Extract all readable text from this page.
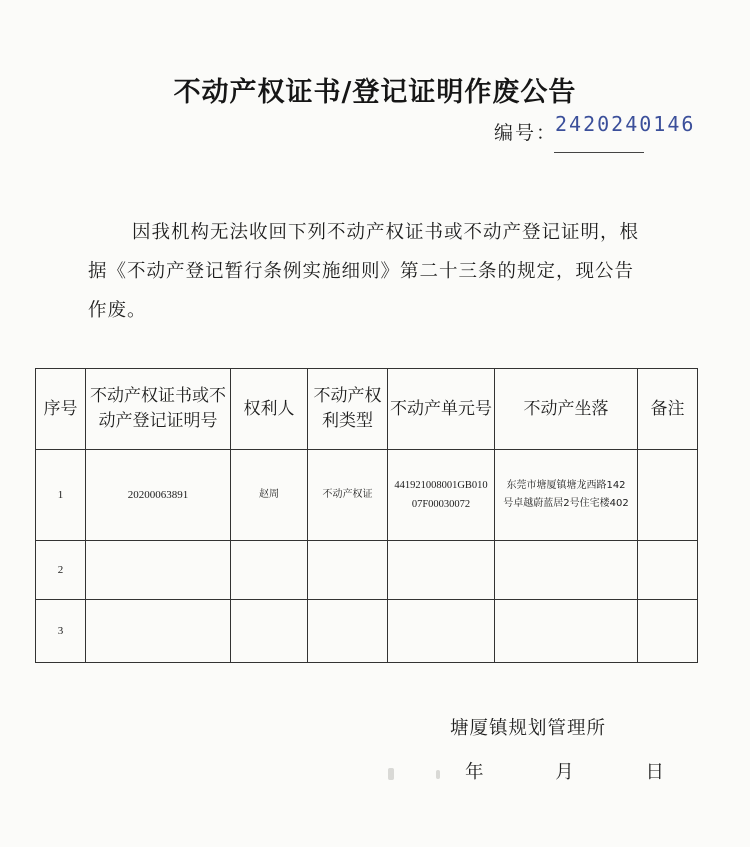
不动产权证书/登记证明作废公告
编号：
2420240146
因我机构无法收回下列不动产权证书或不动产登记证明，根据《不动产登记暂行条例实施细则》第二十三条的规定，现公告作废。
序号	不动产权证书或不动产登记证明号	权利人	不动产权利类型	不动产单元号	不动产坐落	备注
1	20200063891	赵周	不动产权证	441921008001GB01007F00030072	东莞市塘厦镇塘龙西路142号卓越蔚蓝居2号住宅楼402	
2						
3						
塘厦镇规划管理所
年  月  日
